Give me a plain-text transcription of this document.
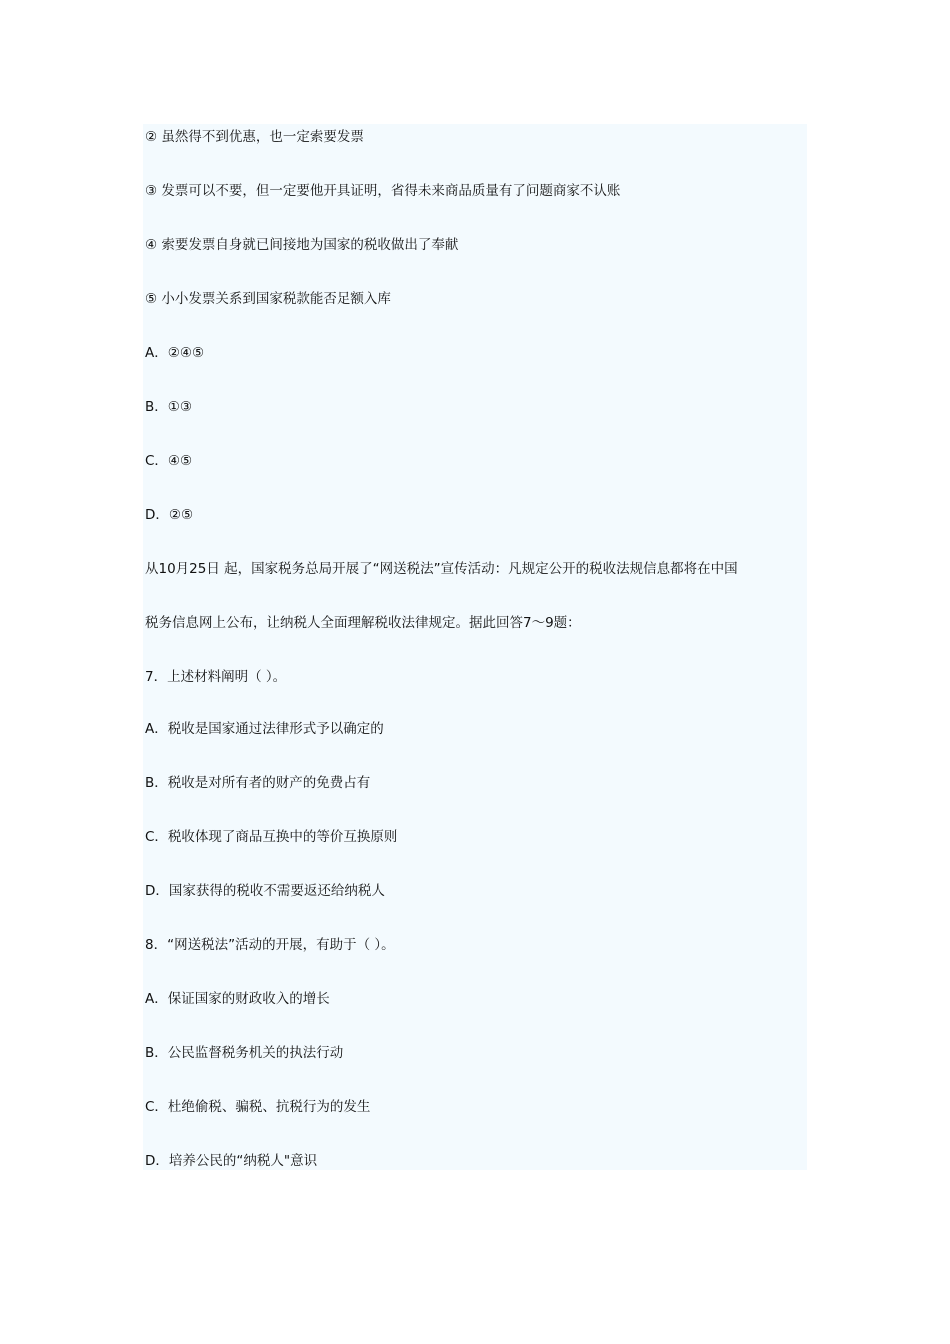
② 虽然得不到优惠，也一定索要发票
③ 发票可以不要，但一定要他开具证明，省得未来商品质量有了问题商家不认账
④ 索要发票自身就已间接地为国家的税收做出了奉献
⑤ 小小发票关系到国家税款能否足额入库
A．②④⑤
B．①③
C．④⑤
D．②⑤
从10月25日 起，国家税务总局开展了“网送税法”宣传活动：凡规定公开的税收法规信息都将在中国
税务信息网上公布，让纳税人全面理解税收法律规定。据此回答7～9题：
7．上述材料阐明（ ）。
A．税收是国家通过法律形式予以确定的
B．税收是对所有者的财产的免费占有
C．税收体现了商品互换中的等价互换原则
D．国家获得的税收不需要返还给纳税人
8．“网送税法”活动的开展，有助于（ ）。
A．保证国家的财政收入的增长
B．公民监督税务机关的执法行动
C．杜绝偷税、骗税、抗税行为的发生
D．培养公民的“纳税人"意识
